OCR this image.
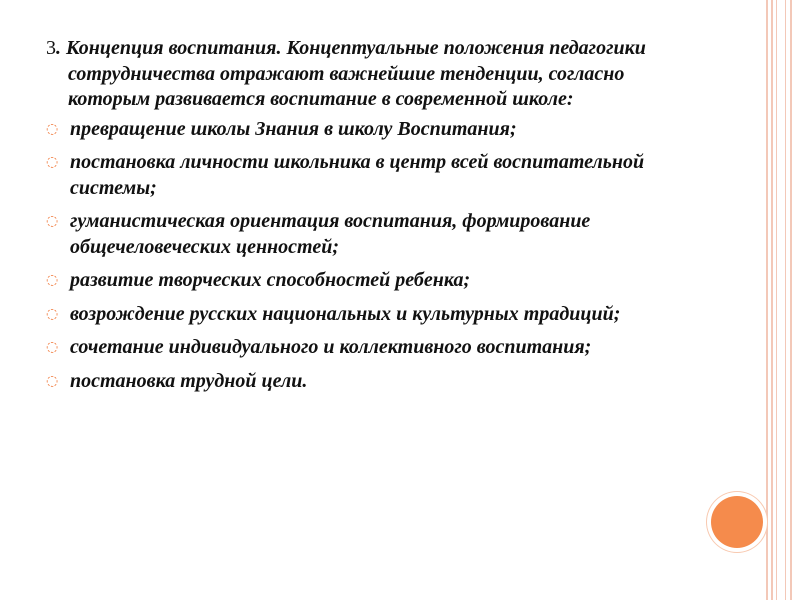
3. Концепция воспитания. Концептуальные положения педагогики сотрудничества отражают важнейшие тенденции, согласно которым развивается воспитание в современной школе:

◌ превращение школы Знания в школу Воспитания;
◌ постановка личности школьника в центр всей воспитательной системы;
◌ гуманистическая ориентация воспитания, формирование общечеловеческих ценностей;
◌ развитие творческих способностей ребенка;
◌ возрождение русских национальных и культурных традиций;
◌ сочетание индивидуального и коллективного воспитания;
◌ постановка трудной цели.
